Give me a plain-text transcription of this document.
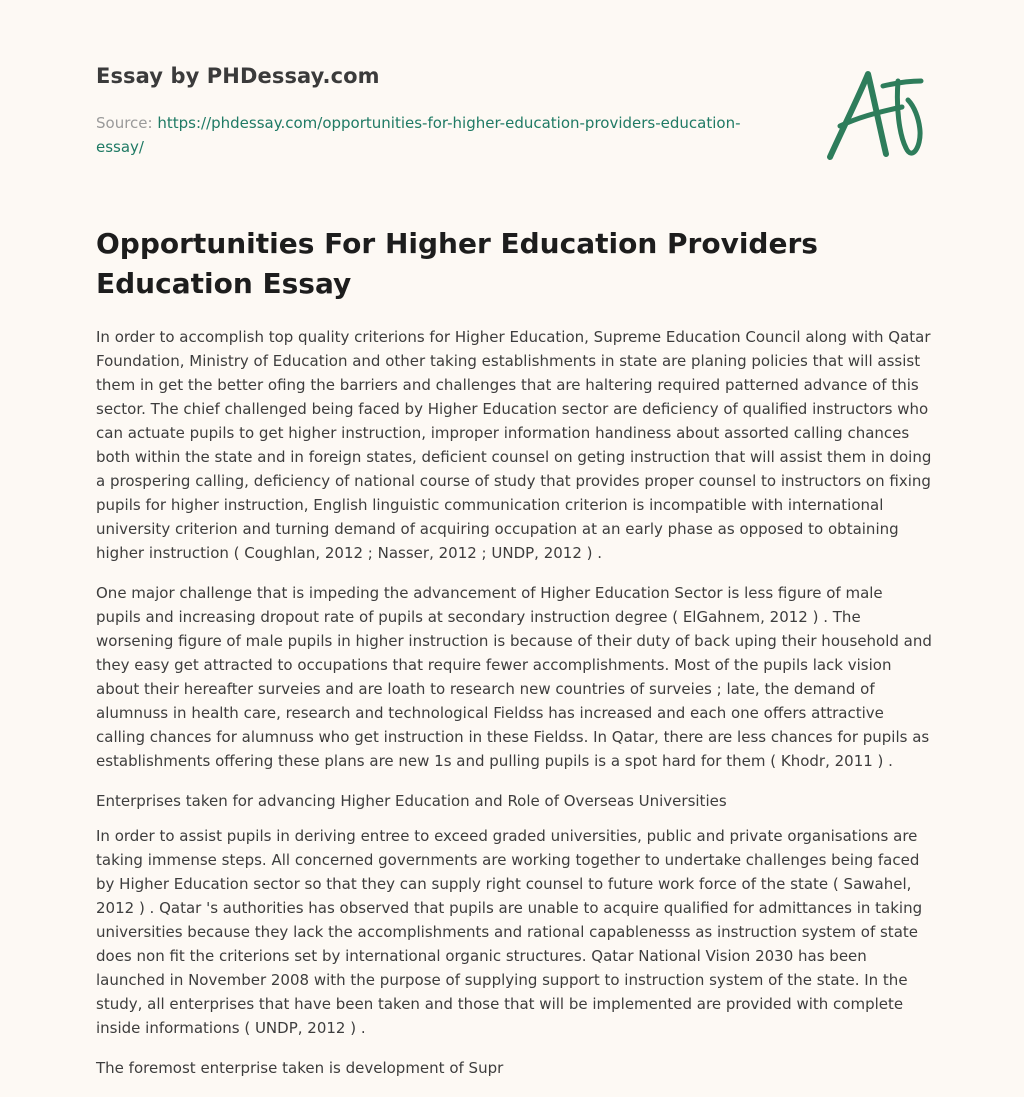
Essay by PHDessay.com
Source: https://phdessay.com/opportunities-for-higher-education-providers-education-essay/
Opportunities For Higher Education Providers Education Essay

In order to accomplish top quality criterions for Higher Education, Supreme Education Council along with Qatar Foundation, Ministry of Education and other taking establishments in state are planing policies that will assist them in get the better ofing the barriers and challenges that are haltering required patterned advance of this sector. The chief challenged being faced by Higher Education sector are deficiency of qualified instructors who can actuate pupils to get higher instruction, improper information handiness about assorted calling chances both within the state and in foreign states, deficient counsel on geting instruction that will assist them in doing a prospering calling, deficiency of national course of study that provides proper counsel to instructors on fixing pupils for higher instruction, English linguistic communication criterion is incompatible with international university criterion and turning demand of acquiring occupation at an early phase as opposed to obtaining higher instruction ( Coughlan, 2012 ; Nasser, 2012 ; UNDP, 2012 ) .

One major challenge that is impeding the advancement of Higher Education Sector is less figure of male pupils and increasing dropout rate of pupils at secondary instruction degree ( ElGahnem, 2012 ) . The worsening figure of male pupils in higher instruction is because of their duty of back uping their household and they easy get attracted to occupations that require fewer accomplishments. Most of the pupils lack vision about their hereafter surveies and are loath to research new countries of surveies ; late, the demand of alumnuss in health care, research and technological Fieldss has increased and each one offers attractive calling chances for alumnuss who get instruction in these Fieldss. In Qatar, there are less chances for pupils as establishments offering these plans are new 1s and pulling pupils is a spot hard for them ( Khodr, 2011 ) .

Enterprises taken for advancing Higher Education and Role of Overseas Universities

In order to assist pupils in deriving entree to exceed graded universities, public and private organisations are taking immense steps. All concerned governments are working together to undertake challenges being faced by Higher Education sector so that they can supply right counsel to future work force of the state ( Sawahel, 2012 ) . Qatar 's authorities has observed that pupils are unable to acquire qualified for admittances in taking universities because they lack the accomplishments and rational capablenesss as instruction system of state does non fit the criterions set by international organic structures. Qatar National Vision 2030 has been launched in November 2008 with the purpose of supplying support to instruction system of the state. In the study, all enterprises that have been taken and those that will be implemented are provided with complete inside informations ( UNDP, 2012 ) .

The foremost enterprise taken is development of Supr
